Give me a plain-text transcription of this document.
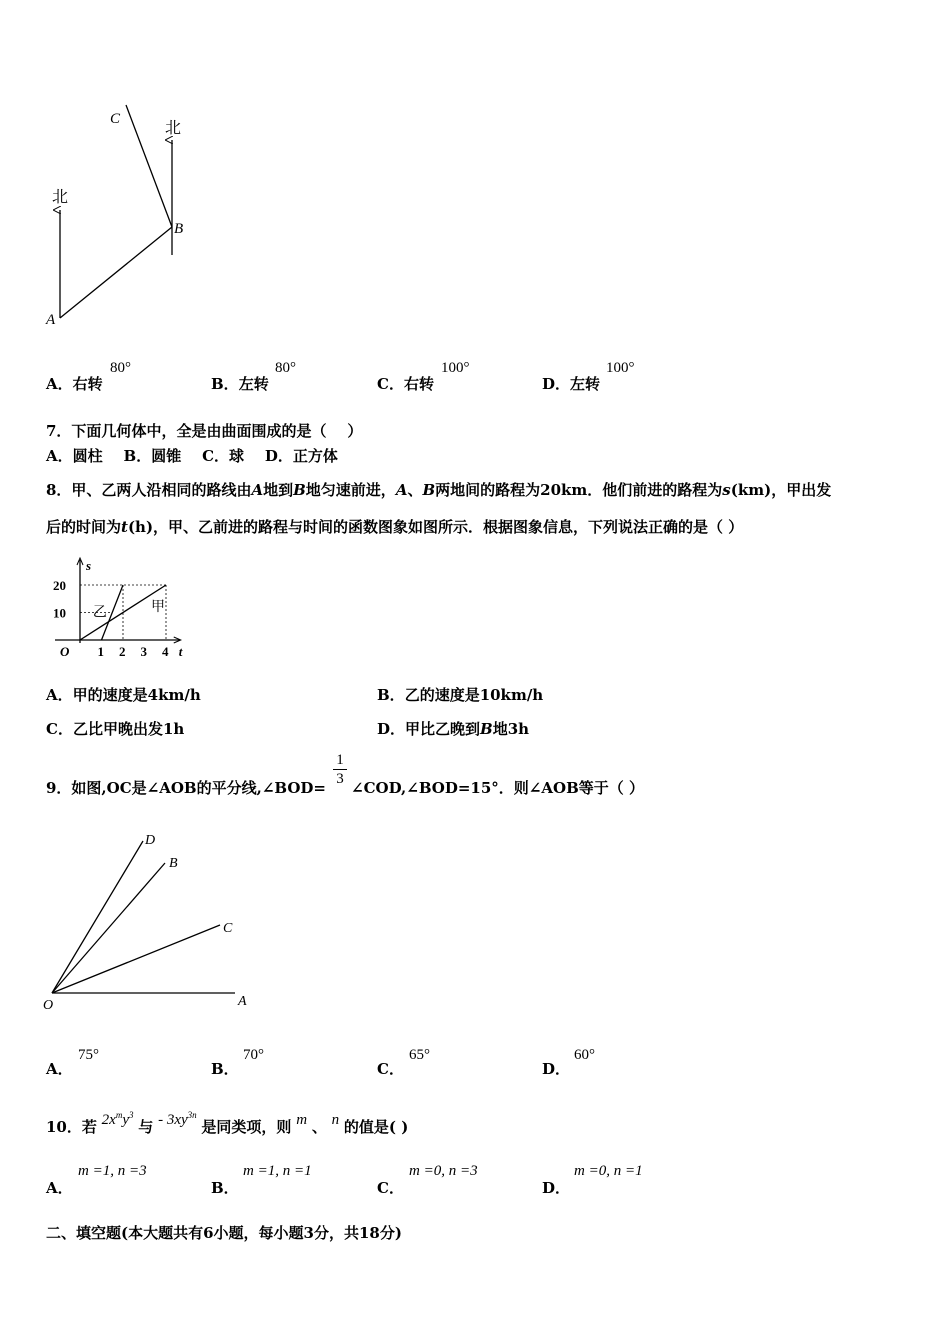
C
B
A
北
北
A．右转
80°
B．左转
80°
C．右转
100°
D．左转
100°
7．下面几何体中，全是由曲面围成的是（    ）
A．圆柱    B．圆锥    C．球    D．正方体
8．甲、乙两人沿相同的路线由A地到B地匀速前进，A、B两地间的路程为20km．他们前进的路程为s(km)，甲出发
后的时间为t(h)，甲、乙前进的路程与时间的函数图象如图所示．根据图象信息，下列说法正确的是（ ）
t
s
O 1 2 3 4
10
20
甲
乙
A．甲的速度是4km/h	B．乙的速度是10km/h
C．乙比甲晚出发1h	D．甲比乙晚到B地3h
9．如图,OC是∠AOB的平分线,∠BOD=
1
3 ∠COD,∠BOD=15°．则∠AOB等于（ ）
O	A
C
B
D
A．
75°
B．
70°
C．
65°
D．
60°
10．若 $2x^my^3$ 与 - $3xy^{3n}$ 是同类项，则 m 、 n 的值是( )
A．
m =1, n =3
B．
m =1, n =1
C．
m =0, n =3
D．
m =0, n =1
二、填空题(本大题共有6小题，每小题3分，共18分)
